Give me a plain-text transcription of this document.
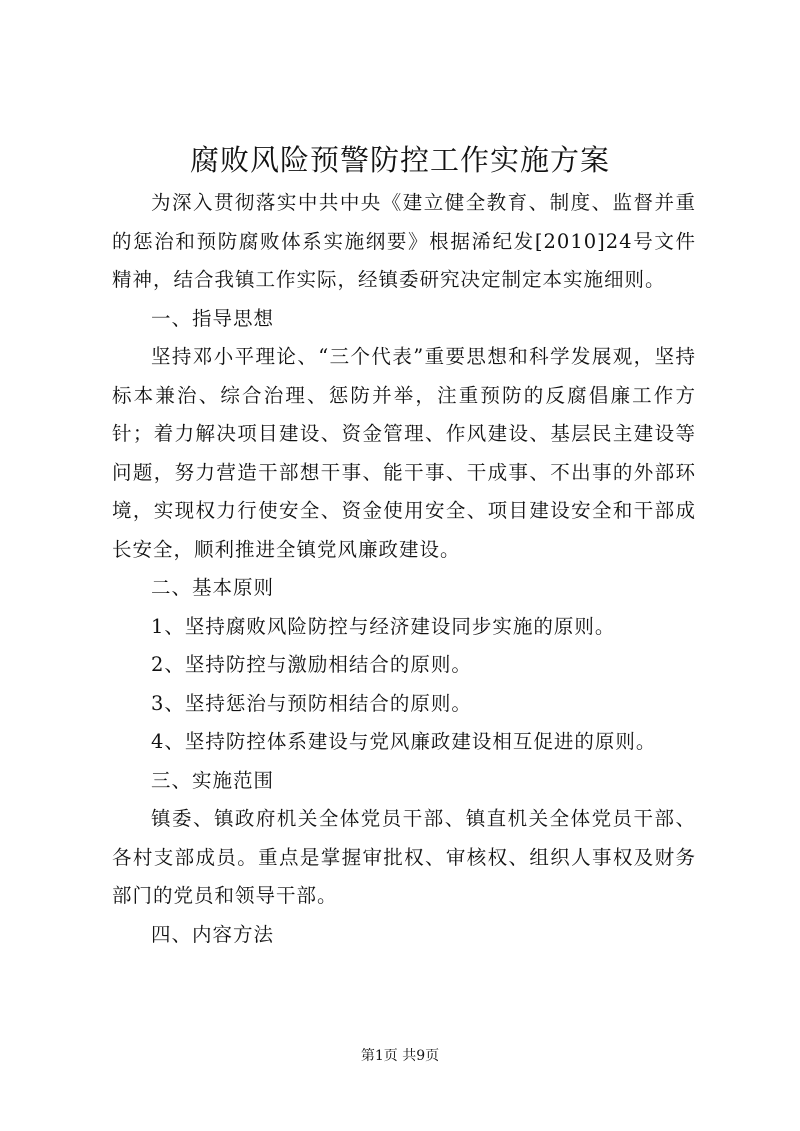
腐败风险预警防控工作实施方案

为深入贯彻落实中共中央《建立健全教育、制度、监督并重的惩治和预防腐败体系实施纲要》根据浠纪发[2010]24号文件精神，结合我镇工作实际，经镇委研究决定制定本实施细则。

一、指导思想

坚持邓小平理论、“三个代表”重要思想和科学发展观，坚持标本兼治、综合治理、惩防并举，注重预防的反腐倡廉工作方针；着力解决项目建设、资金管理、作风建设、基层民主建设等问题，努力营造干部想干事、能干事、干成事、不出事的外部环境，实现权力行使安全、资金使用安全、项目建设安全和干部成长安全，顺利推进全镇党风廉政建设。

二、基本原则

1、坚持腐败风险防控与经济建设同步实施的原则。

2、坚持防控与激励相结合的原则。

3、坚持惩治与预防相结合的原则。

4、坚持防控体系建设与党风廉政建设相互促进的原则。

三、实施范围

镇委、镇政府机关全体党员干部、镇直机关全体党员干部、各村支部成员。重点是掌握审批权、审核权、组织人事权及财务部门的党员和领导干部。

四、内容方法

第1页 共9页
